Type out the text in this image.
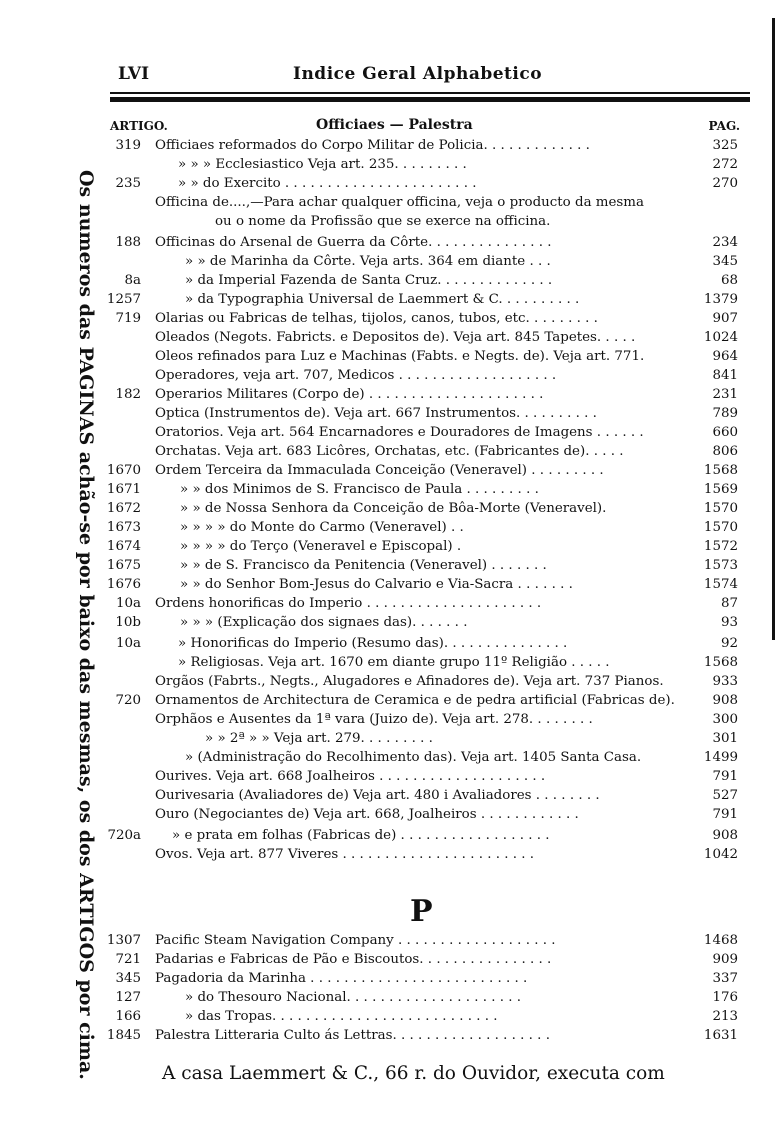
LVI	Indice Geral Alphabetico
ARTIGO.	Officiaes — Palestra	PAG.
Os numeros das PAGINAS achão-se por baixo das mesmas, os dos ARTIGOS por cima.
319 Officiaes reformados do Corpo Militar de Policia. . . . . . . . . . . . .	325
» » » Ecclesiastico Veja art. 235. . . . . . . . .	272
235	» » do Exercito . . . . . . . . . . . . . . . . . . . . . . .	270
Officina de....,—Para achar qualquer officina, veja o producto da mesma
ou o nome da Profissão que se exerce na officina.
188 Officinas do Arsenal de Guerra da Côrte. . . . . . . . . . . . . . .	234
» » de Marinha da Côrte. Veja arts. 364 em diante . . .	345
8a	» da Imperial Fazenda de Santa Cruz. . . . . . . . . . . . . .	68
1257	» da Typographia Universal de Laemmert & C. . . . . . . . . .	1379
719 Olarias ou Fabricas de telhas, tijolos, canos, tubos, etc. . . . . . . . .	907
Oleados (Negots. Fabricts. e Depositos de). Veja art. 845 Tapetes. . . . .	1024
Oleos refinados para Luz e Machinas (Fabts. e Negts. de). Veja art. 771.	964
Operadores, veja art. 707, Medicos . . . . . . . . . . . . . . . . . . .	841
182 Operarios Militares (Corpo de) . . . . . . . . . . . . . . . . . . . . .	231
Optica (Instrumentos de). Veja art. 667 Instrumentos. . . . . . . . . .	789
Oratorios. Veja art. 564 Encarnadores e Douradores de Imagens . . . . . .	660
Orchatas. Veja art. 683 Licôres, Orchatas, etc. (Fabricantes de). . . . .	806
1670 Ordem Terceira da Immaculada Conceição (Veneravel) . . . . . . . . .	1568
1671	» » dos Minimos de S. Francisco de Paula . . . . . . . . .	1569
1672	» » de Nossa Senhora da Conceição de Bôa-Morte (Veneravel).	1570
1673	» » » » do Monte do Carmo (Veneravel) . .	1570
1674	» » » » do Terço (Veneravel e Episcopal) .	1572
1675	» » de S. Francisco da Penitencia (Veneravel) . . . . . . .	1573
1676	» » do Senhor Bom-Jesus do Calvario e Via-Sacra . . . . . . .	1574
10a Ordens honorificas do Imperio . . . . . . . . . . . . . . . . . . . . .	87
10b	» » » (Explicação dos signaes das). . . . . . .	93
10a	» Honorificas do Imperio (Resumo das). . . . . . . . . . . . . . .	92
» Religiosas. Veja art. 1670 em diante grupo 11º Religião . . . . .	1568
Orgãos (Fabrts., Negts., Alugadores e Afinadores de). Veja art. 737 Pianos.	933
720 Ornamentos de Architectura de Ceramica e de pedra artificial (Fabricas de).	908
Orphãos e Ausentes da 1ª vara (Juizo de). Veja art. 278. . . . . . . .	300
» » 2ª » » Veja art. 279. . . . . . . . .	301
» (Administração do Recolhimento das). Veja art. 1405 Santa Casa.	1499
Ourives. Veja art. 668 Joalheiros . . . . . . . . . . . . . . . . . . . .	791
Ourivesaria (Avaliadores de) Veja art. 480 i Avaliadores . . . . . . . .	527
Ouro (Negociantes de) Veja art. 668, Joalheiros . . . . . . . . . . . .	791
720a » e prata em folhas (Fabricas de) . . . . . . . . . . . . . . . . . .	908
Ovos. Veja art. 877 Viveres . . . . . . . . . . . . . . . . . . . . . . .	1042
1307 Pacific Steam Navigation Company . . . . . . . . . . . . . . . . . . .	1468
721 Padarias e Fabricas de Pão e Biscoutos. . . . . . . . . . . . . . . .	909
345 Pagadoria da Marinha . . . . . . . . . . . . . . . . . . . . . . . . . .	337
127	» do Thesouro Nacional. . . . . . . . . . . . . . . . . . . . .	176
166	» das Tropas. . . . . . . . . . . . . . . . . . . . . . . . . . .	213
1845 Palestra Litteraria Culto ás Lettras. . . . . . . . . . . . . . . . . . .	1631
P
A casa Laemmert & C., 66 r. do Ouvidor, executa com
